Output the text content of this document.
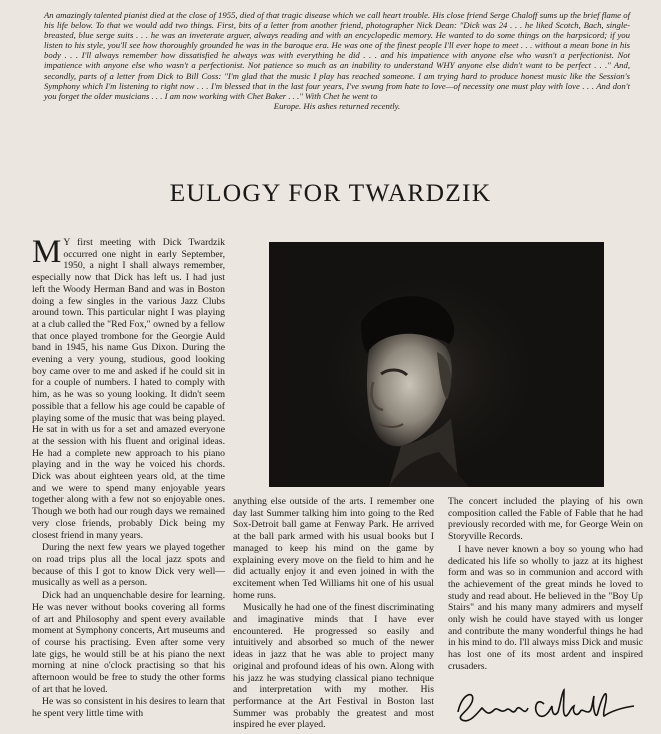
An amazingly talented pianist died at the close of 1955, died of that tragic disease which we call heart trouble. His close friend Serge Chaloff sums up the brief flame of his life below. To that we would add two things. First, bits of a letter from another friend, photographer Nick Dean: "Dick was 24 . . . he liked Scotch, Bach, single-breasted, blue serge suits . . . he was an inveterate arguer, always reading and with an encyclopedic memory. He wanted to do some things on the harpsicord; if you listen to his style, you'll see how thoroughly grounded he was in the baroque era. He was one of the finest people I'll ever hope to meet . . . without a mean bone in his body . . . I'll always remember how dissatisfied he always was with everything he did . . . and his impatience with anyone else who wasn't a perfectionist. Not impatience with anyone else who wasn't a perfectionist. Not patience so much as an inability to understand WHY anyone else didn't want to be perfect . . ." And, secondly, parts of a letter from Dick to Bill Coss: "I'm glad that the music I play has reached someone. I am trying hard to produce honest music like the Session's Symphony which I'm listening to right now . . . I'm blessed that in the last four years, I've swung from hate to love—of necessity one must play with love . . . And don't you forget the older musicians . . . I am now working with Chet Baker . . ." With Chet he went to
Europe. His ashes returned recently.
EULOGY FOR TWARDZIK

M Y first meeting with Dick Twardzik occurred one night in early September, 1950, a night I shall always remember, especially now that Dick has left us. I had just left the Woody Herman Band and was in Boston doing a few singles in the various Jazz Clubs around town. This particular night I was playing at a club called the "Red Fox," owned by a fellow that once played trombone for the Georgie Auld band in 1945, his name Gus Dixon. During the evening a very young, studious, good looking boy came over to me and asked if he could sit in for a couple of numbers. I hated to comply with him, as he was so young looking. It didn't seem possible that a fellow his age could be capable of playing some of the music that was being played. He sat in with us for a set and amazed everyone at the session with his fluent and original ideas. He had a complete new approach to his piano playing and in the way he voiced his chords. Dick was about eighteen years old, at the time and we were to spend many enjoyable years together along with a few not so enjoyable ones. Though we both had our rough days we remained very close friends, probably Dick being my closest friend in many years.

During the next few years we played together on road trips plus all the local jazz spots and because of this I got to know Dick very well—musically as well as a person.

Dick had an unquenchable desire for learning. He was never without books covering all forms of art and Philosophy and spent every available moment at Symphony concerts, Art museums and of course his practising. Even after some very late gigs, he would still be at his piano the next morning at nine o'clock practising so that his afternoon would be free to study the other forms of art that he loved.

He was so consistent in his desires to learn that he spent very little time with

anything else outside of the arts. I remember one day last Summer talking him into going to the Red Sox-Detroit ball game at Fenway Park. He arrived at the ball park armed with his usual books but I managed to keep his mind on the game by explaining every move on the field to him and he did actually enjoy it and even joined in with the excitement when Ted Williams hit one of his usual home runs.

Musically he had one of the finest discriminating and imaginative minds that I have ever encountered. He progressed so easily and intuitively and absorbed so much of the newer ideas in jazz that he was able to project many original and profound ideas of his own. Along with his jazz he was studying classical piano technique and interpretation with my mother. His performance at the Art Festival in Boston last Summer was probably the greatest and most inspired he ever played.

The concert included the playing of his own composition called the Fable of Fable that he had previously recorded with me, for George Wein on Storyville Records.

I have never known a boy so young who had dedicated his life so wholly to jazz at its highest form and was so in communion and accord with the achievement of the great minds he loved to study and read about. He believed in the "Boy Up Stairs" and his many many admirers and myself only wish he could have stayed with us longer and contribute the many wonderful things he had in his mind to do. I'll always miss Dick and music has lost one of its most ardent and inspired crusaders.
